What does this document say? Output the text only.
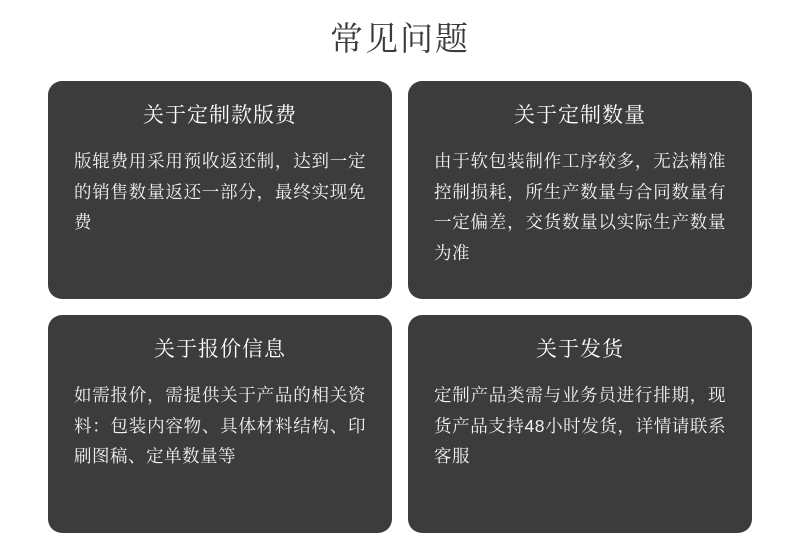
常见问题
关于定制款版费

版辊费用采用预收返还制，达到一定的销售数量返还一部分，最终实现免费

关于定制数量

由于软包装制作工序较多，无法精准控制损耗，所生产数量与合同数量有一定偏差，交货数量以实际生产数量为准

关于报价信息

如需报价，需提供关于产品的相关资料：包装内容物、具体材料结构、印刷图稿、定单数量等

关于发货

定制产品类需与业务员进行排期，现货产品支持48小时发货，详情请联系客服
